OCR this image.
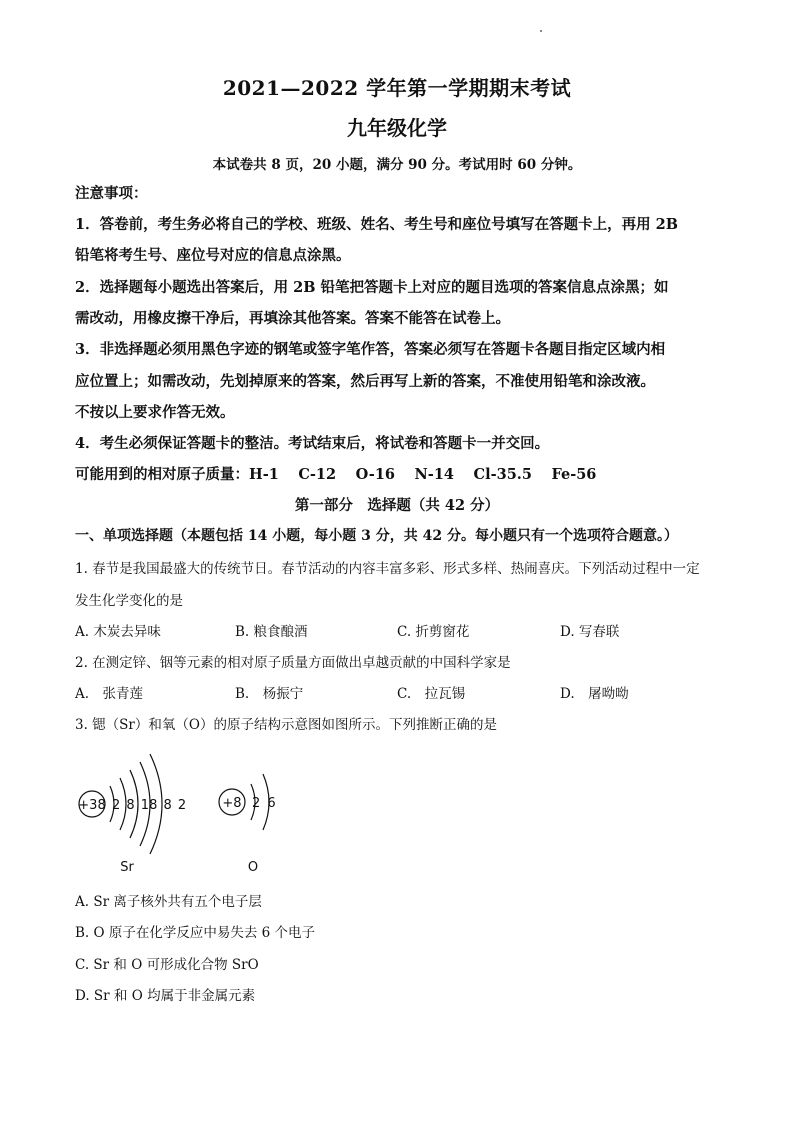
2021—2022 学年第一学期期末考试
九年级化学
本试卷共 8 页，20 小题，满分 90 分。考试用时 60 分钟。
注意事项：
1．答卷前，考生务必将自己的学校、班级、姓名、考生号和座位号填写在答题卡上，再用 2B
铅笔将考生号、座位号对应的信息点涂黑。
2．选择题每小题选出答案后，用 2B 铅笔把答题卡上对应的题目选项的答案信息点涂黑；如
需改动，用橡皮擦干净后，再填涂其他答案。答案不能答在试卷上。
3．非选择题必须用黑色字迹的钢笔或签字笔作答，答案必须写在答题卡各题目指定区域内相
应位置上；如需改动，先划掉原来的答案，然后再写上新的答案，不准使用铅笔和涂改液。
不按以上要求作答无效。
4．考生必须保证答题卡的整洁。考试结束后，将试卷和答题卡一并交回。
可能用到的相对原子质量：H-1　 C-12　 O-16　 N-14　 Cl-35.5　 Fe-56
第一部分　选择题（共 42 分）
一、单项选择题（本题包括 14 小题，每小题 3 分，共 42 分。每小题只有一个选项符合题意。）
1. 春节是我国最盛大的传统节日。春节活动的内容丰富多彩、形式多样、热闹喜庆。下列活动过程中一定
发生化学变化的是
A. 木炭去异味	B. 粮食酿酒	C. 折剪窗花	D. 写春联
2. 在测定锌、铟等元素的相对原子质量方面做出卓越贡献的中国科学家是
A.　张青莲	B.　杨振宁	C.　拉瓦锡	D.　屠呦呦
3. 锶（Sr）和氧（O）的原子结构示意图如图所示。下列推断正确的是
+38 2 8 18 8 2
Sr
+8 2 6
O
A. Sr 离子核外共有五个电子层
B. O 原子在化学反应中易失去 6 个电子
C. Sr 和 O 可形成化合物 SrO
D. Sr 和 O 均属于非金属元素
